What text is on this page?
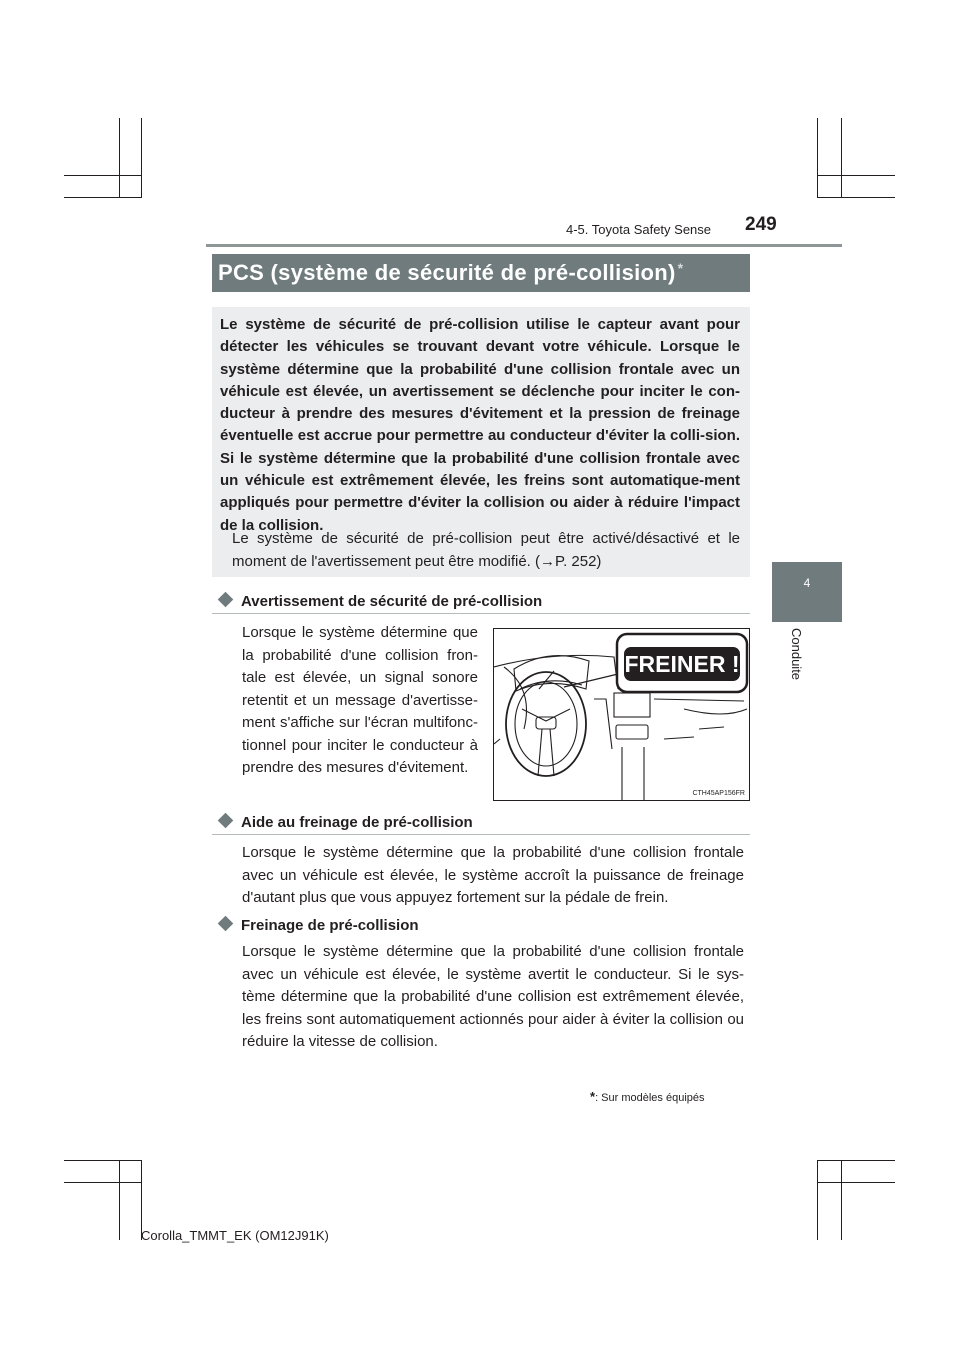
4-5. Toyota Safety Sense 249
4
Conduite
PCS (système de sécurité de pré-collision) *

Le système de sécurité de pré-collision utilise le capteur avant pour détecter les véhicules se trouvant devant votre véhicule. Lorsque le système détermine que la probabilité d'une collision frontale avec un véhicule est élevée, un avertissement se déclenche pour inciter le con-ducteur à prendre des mesures d'évitement et la pression de freinage éventuelle est accrue pour permettre au conducteur d'éviter la colli-sion. Si le système détermine que la probabilité d'une collision frontale avec un véhicule est extrêmement élevée, les freins sont automatique-ment appliqués pour permettre d'éviter la collision ou aider à réduire l'impact de la collision.

Le système de sécurité de pré-collision peut être activé/désactivé et le moment de l'avertissement peut être modifié. (→P. 252)

Avertissement de sécurité de pré-collision

Lorsque le système détermine que la probabilité d'une collision fron-tale est élevée, un signal sonore retentit et un message d'avertisse-ment s'affiche sur l'écran multifonc-tionnel pour inciter le conducteur à prendre des mesures d'évitement.

FREINER !
CTH45AP156FR
Aide au freinage de pré-collision

Lorsque le système détermine que la probabilité d'une collision frontale avec un véhicule est élevée, le système accroît la puissance de freinage d'autant plus que vous appuyez fortement sur la pédale de frein.

Freinage de pré-collision

Lorsque le système détermine que la probabilité d'une collision frontale avec un véhicule est élevée, le système avertit le conducteur. Si le sys-tème détermine que la probabilité d'une collision est extrêmement élevée, les freins sont automatiquement actionnés pour aider à éviter la collision ou réduire la vitesse de collision.

*: Sur modèles équipés
Corolla_TMMT_EK (OM12J91K)
